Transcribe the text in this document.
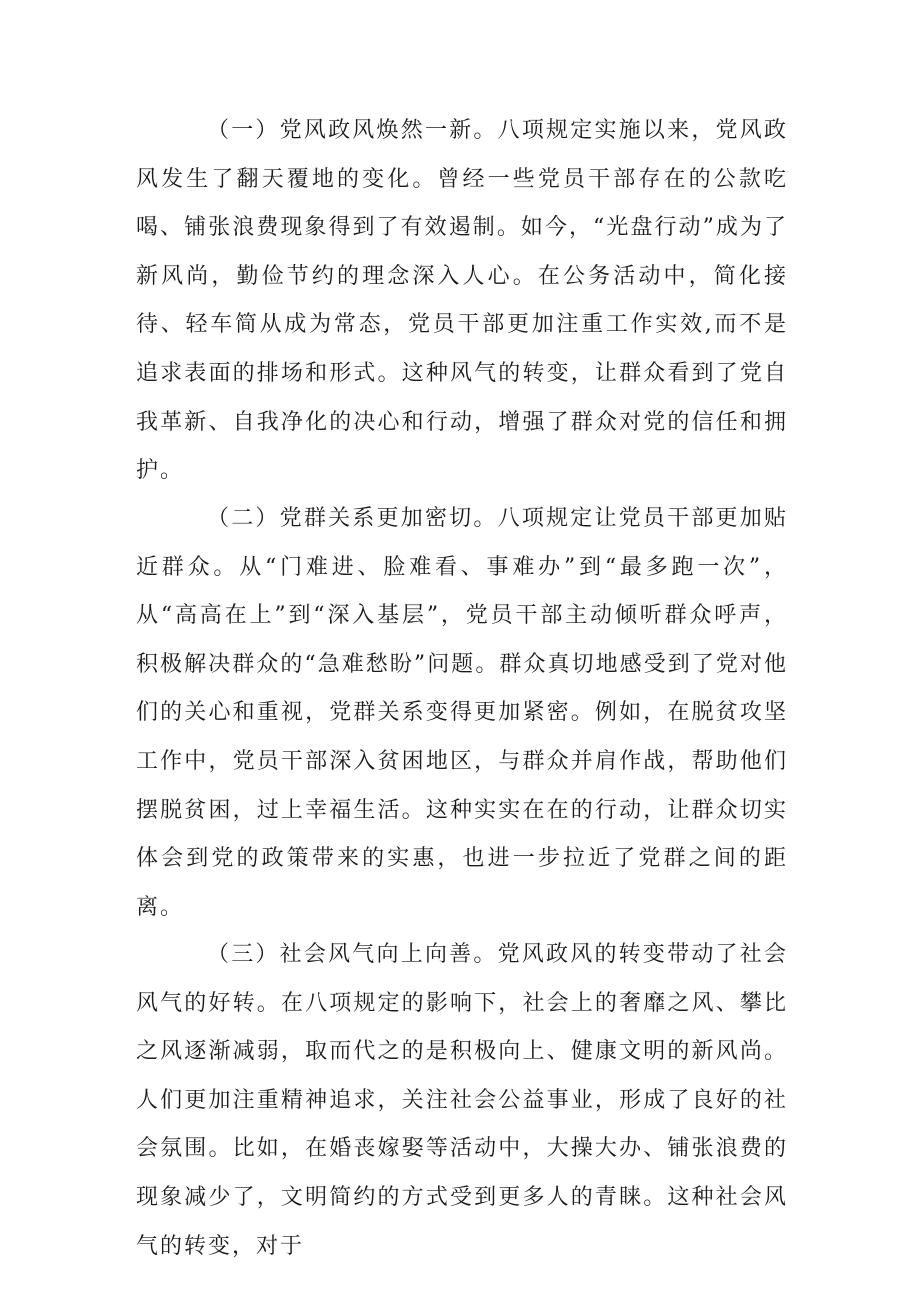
（一）党风政风焕然一新。八项规定实施以来，党风政风发生了翻天覆地的变化。曾经一些党员干部存在的公款吃喝、铺张浪费现象得到了有效遏制。如今，“光盘行动”成为了新风尚，勤俭节约的理念深入人心。在公务活动中，简化接待、轻车简从成为常态，党员干部更加注重工作实效,而不是追求表面的排场和形式。这种风气的转变，让群众看到了党自我革新、自我净化的决心和行动，增强了群众对党的信任和拥护。

（二）党群关系更加密切。八项规定让党员干部更加贴近群众。从“门难进、脸难看、事难办”到“最多跑一次”，从“高高在上”到“深入基层”，党员干部主动倾听群众呼声，积极解决群众的“急难愁盼”问题。群众真切地感受到了党对他们的关心和重视，党群关系变得更加紧密。例如，在脱贫攻坚工作中，党员干部深入贫困地区，与群众并肩作战，帮助他们摆脱贫困，过上幸福生活。这种实实在在的行动，让群众切实体会到党的政策带来的实惠，也进一步拉近了党群之间的距离。

（三）社会风气向上向善。党风政风的转变带动了社会风气的好转。在八项规定的影响下，社会上的奢靡之风、攀比之风逐渐减弱，取而代之的是积极向上、健康文明的新风尚。人们更加注重精神追求，关注社会公益事业，形成了良好的社会氛围。比如，在婚丧嫁娶等活动中，大操大办、铺张浪费的现象减少了，文明简约的方式受到更多人的青睐。这种社会风气的转变，对于
